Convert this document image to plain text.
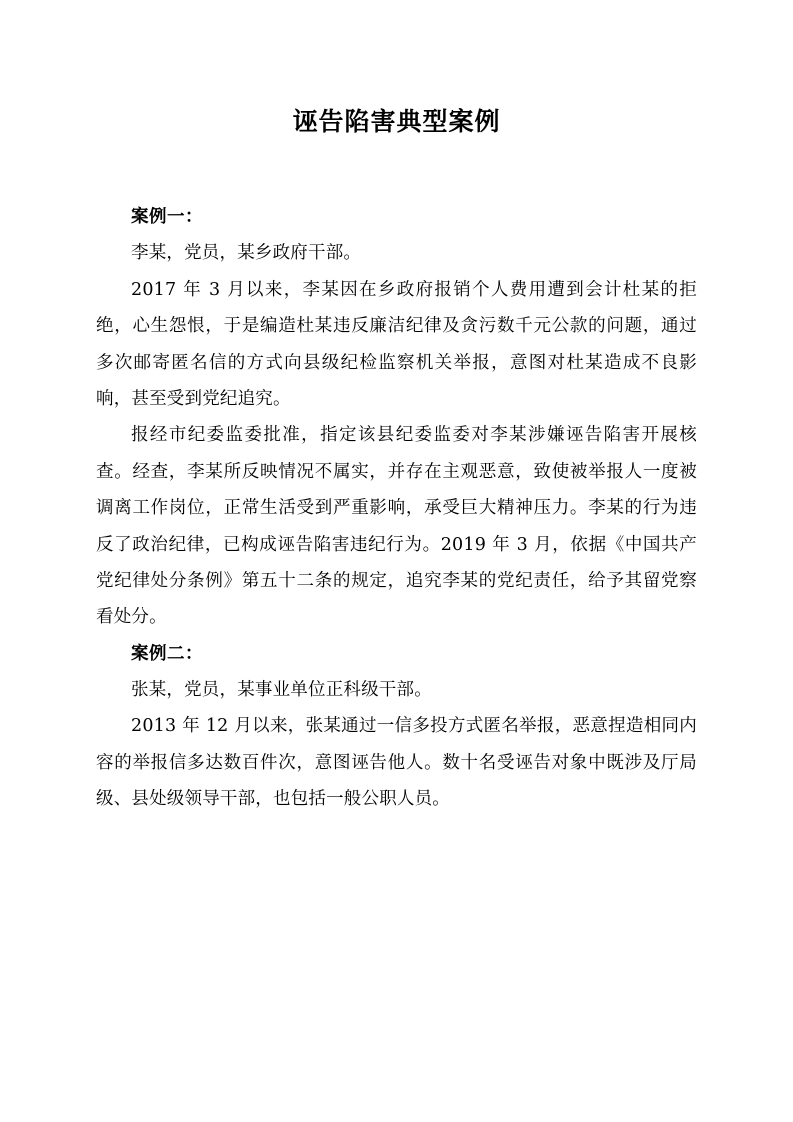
诬告陷害典型案例

案例一：

李某，党员，某乡政府干部。

2017 年 3 月以来，李某因在乡政府报销个人费用遭到会计杜某的拒绝，心生怨恨，于是编造杜某违反廉洁纪律及贪污数千元公款的问题，通过多次邮寄匿名信的方式向县级纪检监察机关举报，意图对杜某造成不良影响，甚至受到党纪追究。

报经市纪委监委批准，指定该县纪委监委对李某涉嫌诬告陷害开展核查。经查，李某所反映情况不属实，并存在主观恶意，致使被举报人一度被调离工作岗位，正常生活受到严重影响，承受巨大精神压力。李某的行为违反了政治纪律，已构成诬告陷害违纪行为。2019 年 3 月，依据《中国共产党纪律处分条例》第五十二条的规定，追究李某的党纪责任，给予其留党察看处分。

案例二：

张某，党员，某事业单位正科级干部。

2013 年 12 月以来，张某通过一信多投方式匿名举报，恶意捏造相同内容的举报信多达数百件次，意图诬告他人。数十名受诬告对象中既涉及厅局级、县处级领导干部，也包括一般公职人员。
